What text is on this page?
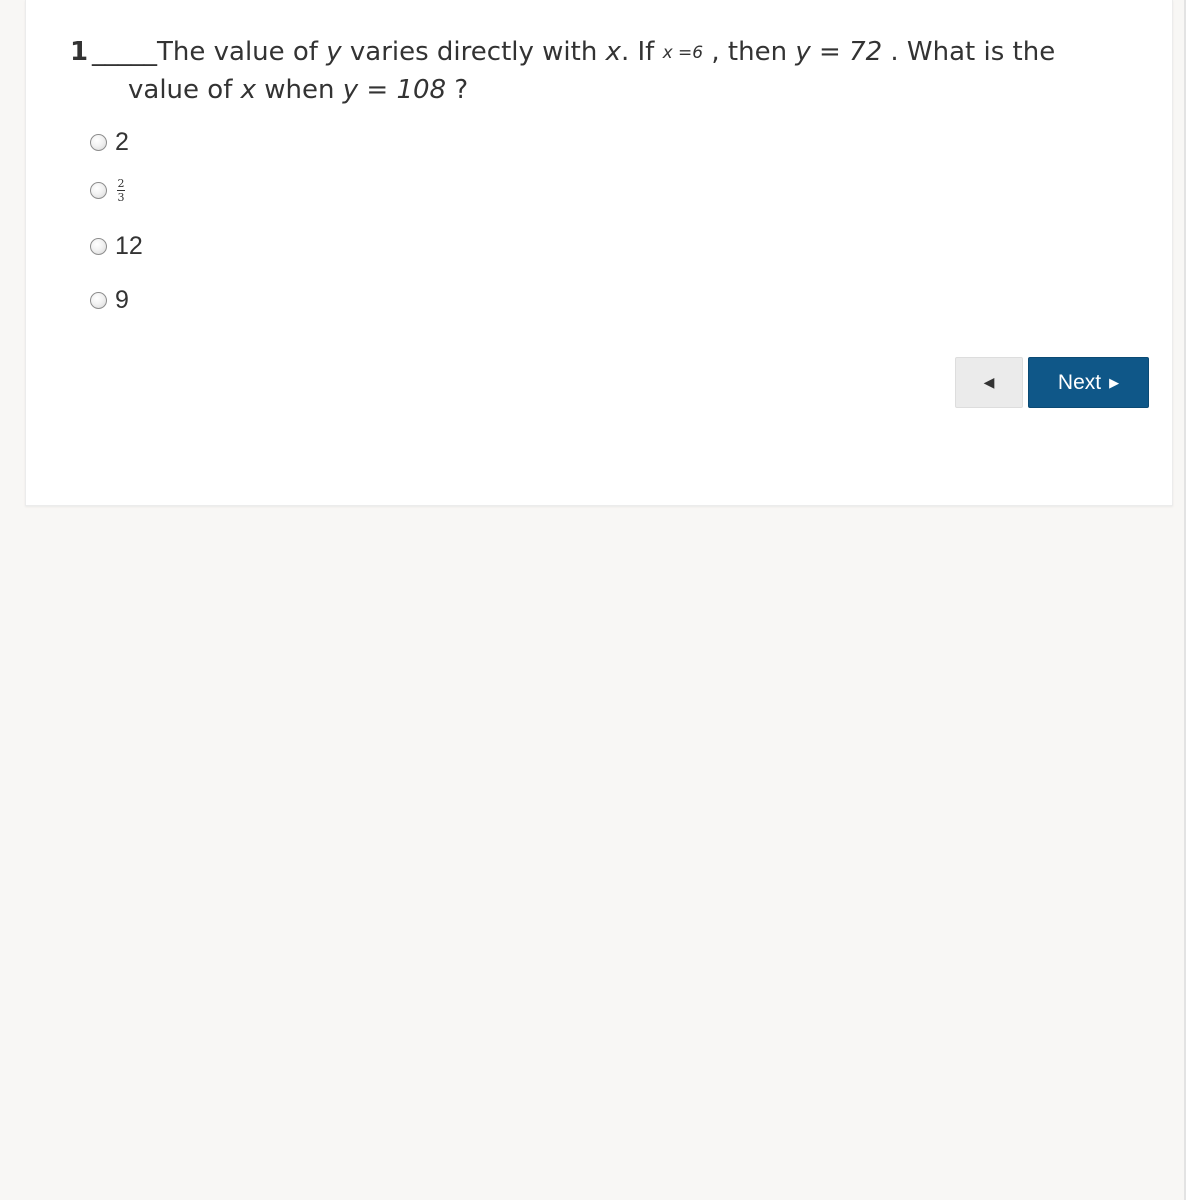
1 _____The value of y varies directly with x. If x =6 , then y = 72 . What is the
value of x when y = 108 ?
2
$\frac{2}{3}$
12
9
◀	Next ▶
